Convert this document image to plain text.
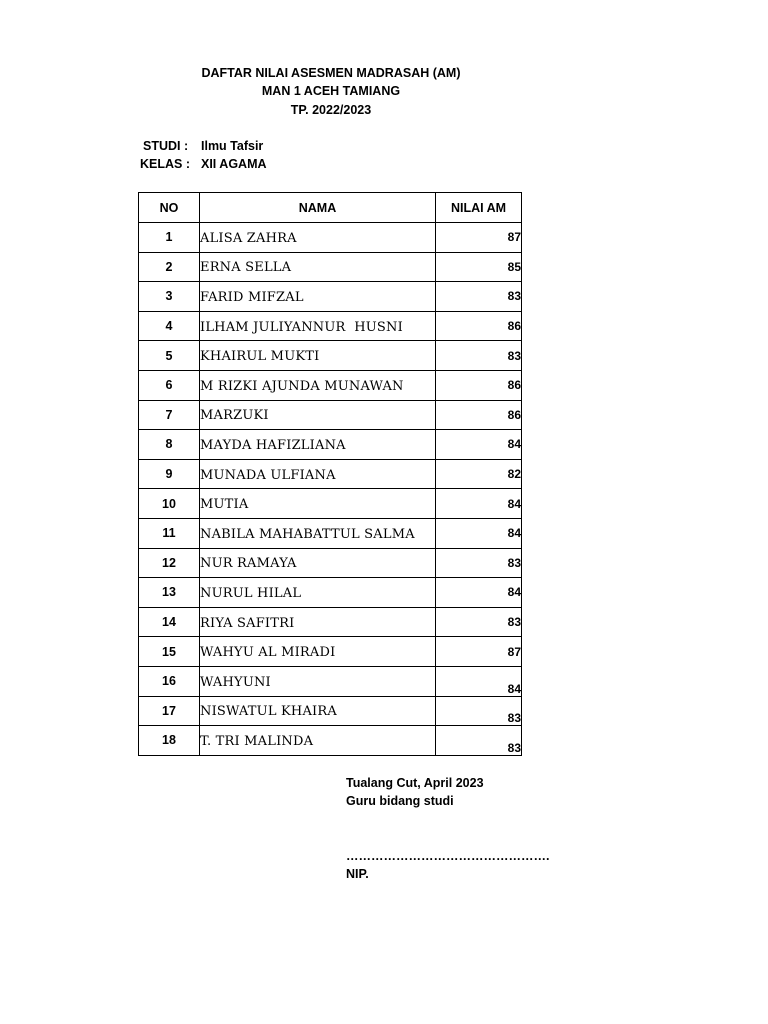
DAFTAR NILAI ASESMEN MADRASAH (AM)
MAN 1 ACEH TAMIANG
TP. 2022/2023
STUDI : Ilmu Tafsir
KELAS : XII AGAMA
NO	NAMA	NILAI AM
1	ALISA ZAHRA	87
2	ERNA SELLA	85
3	FARID MIFZAL	83
4	ILHAM JULIYANNUR  HUSNI	86
5	KHAIRUL MUKTI	83
6	M RIZKI AJUNDA MUNAWAN	86
7	MARZUKI	86
8	MAYDA HAFIZLIANA	84
9	MUNADA ULFIANA	82
10	MUTIA	84
11	NABILA MAHABATTUL SALMA	84
12	NUR RAMAYA	83
13	NURUL HILAL	84
14	RIYA SAFITRI	83
15	WAHYU AL MIRADI	87
16	WAHYUNI	84
17	NISWATUL KHAIRA	83
18	T. TRI MALINDA	83
Tualang Cut, April 2023
Guru bidang studi
………………………………………….
NIP.
